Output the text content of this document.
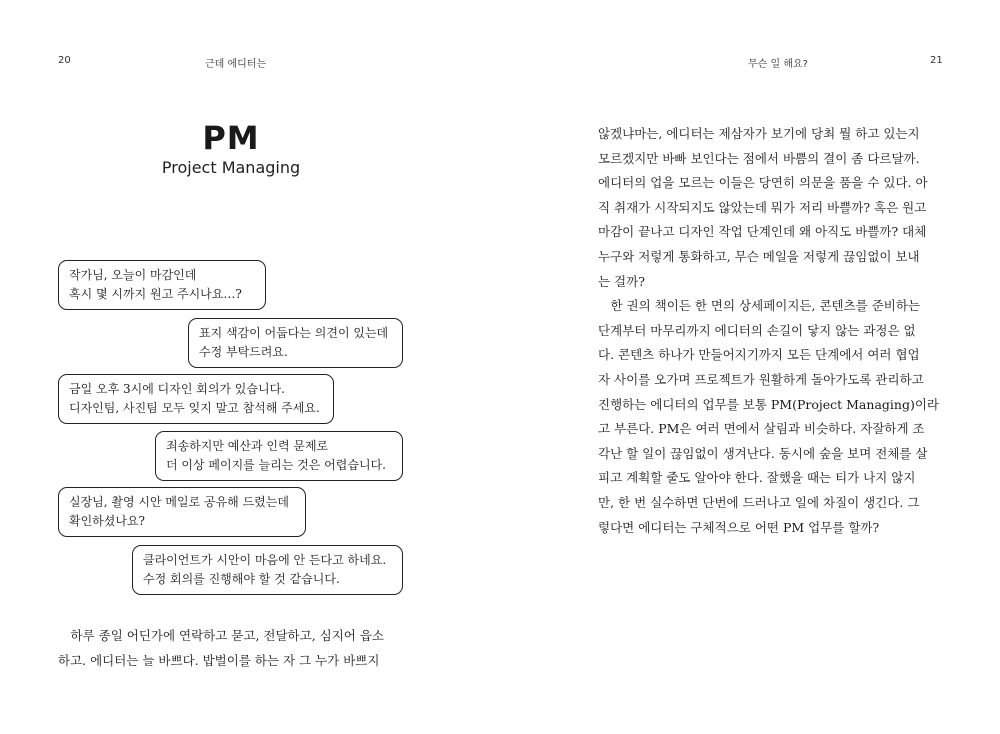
20	근데 에디터는
PM
Project Managing
작가님, 오늘이 마감인데
혹시 몇 시까지 원고 주시나요…?
표지 색감이 어둡다는 의견이 있는데
수정 부탁드려요.
금일 오후 3시에 디자인 회의가 있습니다.
디자인팀, 사진팀 모두 잊지 말고 참석해 주세요.
죄송하지만 예산과 인력 문제로
더 이상 페이지를 늘리는 것은 어렵습니다.
실장님, 촬영 시안 메일로 공유해 드렸는데
확인하셨나요?
클라이언트가 시안이 마음에 안 든다고 하네요.
수정 회의를 진행해야 할 것 같습니다.
　하루 종일 어딘가에 연락하고 묻고, 전달하고, 심지어 읍소
하고. 에디터는 늘 바쁘다. 밥벌이를 하는 자 그 누가 바쁘지
무슨 일 해요?	21
않겠냐마는, 에디터는 제삼자가 보기에 당최 뭘 하고 있는지
모르겠지만 바빠 보인다는 점에서 바쁨의 결이 좀 다르달까.
에디터의 업을 모르는 이들은 당연히 의문을 품을 수 있다. 아
직 취재가 시작되지도 않았는데 뭐가 저리 바쁠까? 혹은 원고
마감이 끝나고 디자인 작업 단계인데 왜 아직도 바쁠까? 대체
누구와 저렇게 통화하고, 무슨 메일을 저렇게 끊임없이 보내
는 걸까?
　한 권의 책이든 한 면의 상세페이지든, 콘텐츠를 준비하는
단계부터 마무리까지 에디터의 손길이 닿지 않는 과정은 없
다. 콘텐츠 하나가 만들어지기까지 모든 단계에서 여러 협업
자 사이를 오가며 프로젝트가 원활하게 돌아가도록 관리하고
진행하는 에디터의 업무를 보통 PM(Project Managing)이라
고 부른다. PM은 여러 면에서 살림과 비슷하다. 자잘하게 조
각난 할 일이 끊임없이 생겨난다. 동시에 숲을 보며 전체를 살
피고 계획할 줄도 알아야 한다. 잘했을 때는 티가 나지 않지
만, 한 번 실수하면 단번에 드러나고 일에 차질이 생긴다. 그
렇다면 에디터는 구체적으로 어떤 PM 업무를 할까?
